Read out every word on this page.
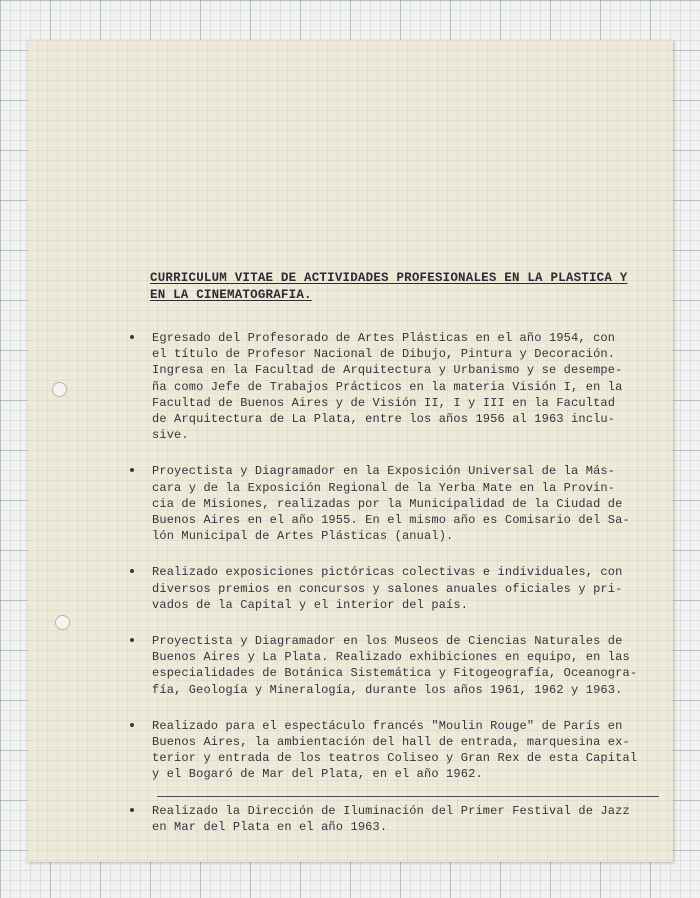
CURRICULUM VITAE DE ACTIVIDADES PROFESIONALES EN LA PLASTICA Y
EN LA CINEMATOGRAFIA.
Egresado del Profesorado de Artes Plásticas en el año 1954, con
el título de Profesor Nacional de Dibujo, Pintura y Decoración.
Ingresa en la Facultad de Arquitectura y Urbanismo y se desempe-
ña como Jefe de Trabajos Prácticos en la materia Visión I, en la
Facultad de Buenos Aires y de Visión II, I y III en la Facultad
de Arquitectura de La Plata, entre los años 1956 al 1963 inclu-
sive.
Proyectista y Diagramador en la Exposición Universal de la Más-
cara y de la Exposición Regional de la Yerba Mate en la Provin-
cia de Misiones, realizadas por la Municipalidad de la Ciudad de
Buenos Aires en el año 1955. En el mismo año es Comisario del Sa-
lón Municipal de Artes Plásticas (anual).
Realizado exposiciones pictóricas colectivas e individuales, con
diversos premios en concursos y salones anuales oficiales y pri-
vados de la Capital y el interior del país.
Proyectista y Diagramador en los Museos de Ciencias Naturales de
Buenos Aires y La Plata. Realizado exhibiciones en equipo, en las
especialidades de Botánica Sistemática y Fitogeografía, Oceanogra-
fía, Geología y Mineralogía, durante los años 1961, 1962 y 1963.
Realizado para el espectáculo francés "Moulin Rouge" de París en
Buenos Aires, la ambientación del hall de entrada, marquesina ex-
terior y entrada de los teatros Coliseo y Gran Rex de esta Capital
y el Bogaró de Mar del Plata, en el año 1962.
Realizado la Dirección de Iluminación del Primer Festival de Jazz
en Mar del Plata en el año 1963.
